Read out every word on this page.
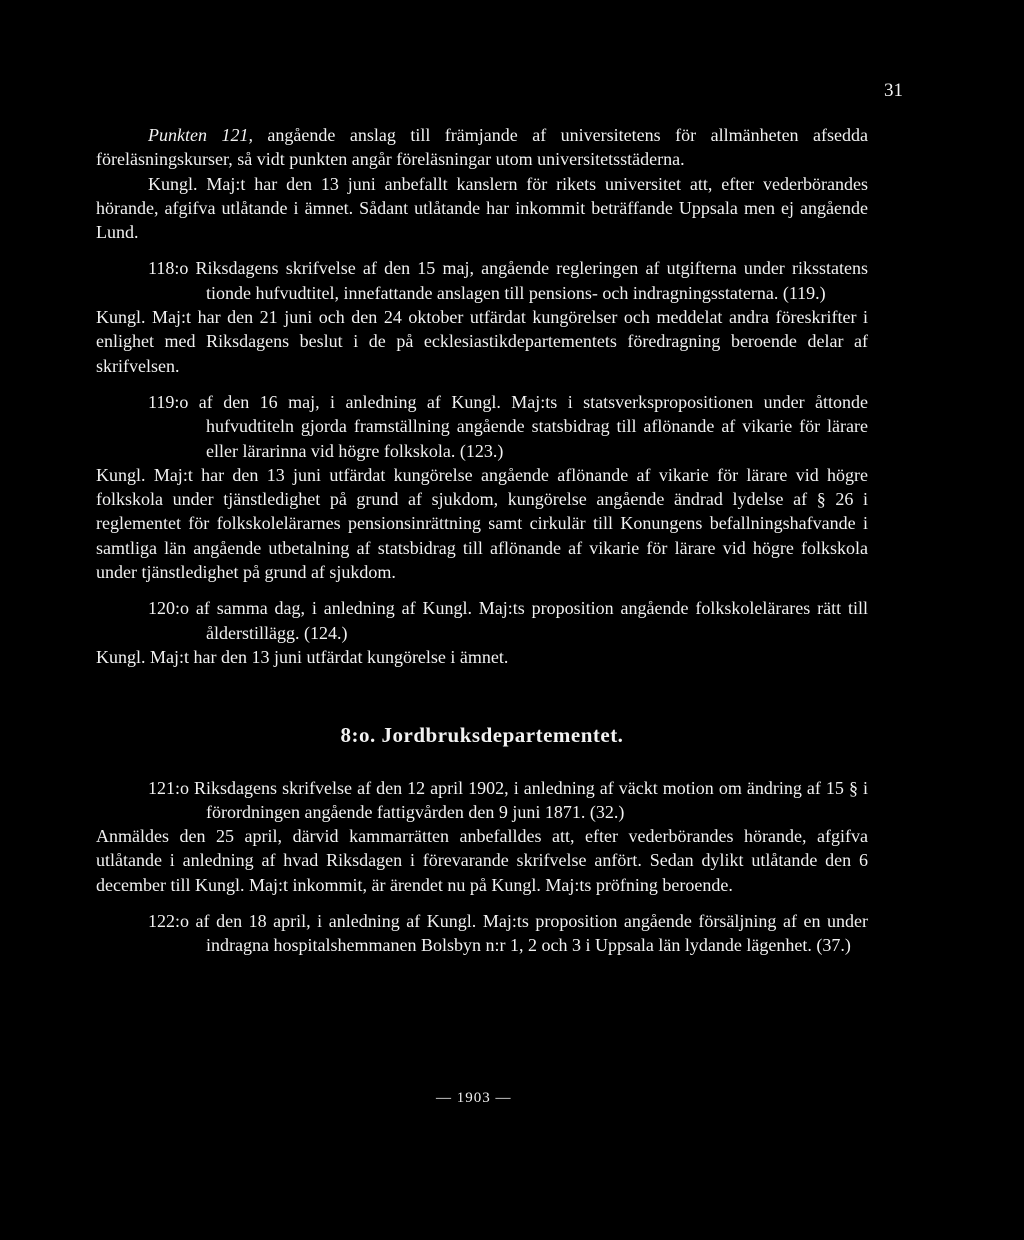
31

Punkten 121, angående anslag till främjande af universitetens för allmänheten afsedda föreläsningskurser, så vidt punkten angår föreläsningar utom universitetsstäderna.

Kungl. Maj:t har den 13 juni anbefallt kanslern för rikets universitet att, efter vederbörandes hörande, afgifva utlåtande i ämnet. Sådant utlåtande har inkommit beträffande Uppsala men ej angående Lund.

118:o Riksdagens skrifvelse af den 15 maj, angående regleringen af utgifterna under riksstatens tionde hufvudtitel, innefattande anslagen till pensions- och indragningsstaterna. (119.)

Kungl. Maj:t har den 21 juni och den 24 oktober utfärdat kungörelser och meddelat andra föreskrifter i enlighet med Riksdagens beslut i de på ecklesiastikdepartementets föredragning beroende delar af skrifvelsen.

119:o af den 16 maj, i anledning af Kungl. Maj:ts i statsverkspropositionen under åttonde hufvudtiteln gjorda framställning angående statsbidrag till aflönande af vikarie för lärare eller lärarinna vid högre folkskola. (123.)

Kungl. Maj:t har den 13 juni utfärdat kungörelse angående aflönande af vikarie för lärare vid högre folkskola under tjänstledighet på grund af sjukdom, kungörelse angående ändrad lydelse af § 26 i reglementet för folkskolelärarnes pensionsinrättning samt cirkulär till Konungens befallningshafvande i samtliga län angående utbetalning af statsbidrag till aflönande af vikarie för lärare vid högre folkskola under tjänstledighet på grund af sjukdom.

120:o af samma dag, i anledning af Kungl. Maj:ts proposition angående folkskolelärares rätt till ålderstillägg. (124.)

Kungl. Maj:t har den 13 juni utfärdat kungörelse i ämnet.

8:o. Jordbruksdepartementet.

121:o Riksdagens skrifvelse af den 12 april 1902, i anledning af väckt motion om ändring af 15 § i förordningen angående fattigvården den 9 juni 1871. (32.)

Anmäldes den 25 april, därvid kammarrätten anbefalldes att, efter vederbörandes hörande, afgifva utlåtande i anledning af hvad Riksdagen i förevarande skrifvelse anfört. Sedan dylikt utlåtande den 6 december till Kungl. Maj:t inkommit, är ärendet nu på Kungl. Maj:ts pröfning beroende.

122:o af den 18 april, i anledning af Kungl. Maj:ts proposition angående försäljning af en under indragna hospitalshemmanen Bolsbyn n:r 1, 2 och 3 i Uppsala län lydande lägenhet. (37.)

— 1903 —
